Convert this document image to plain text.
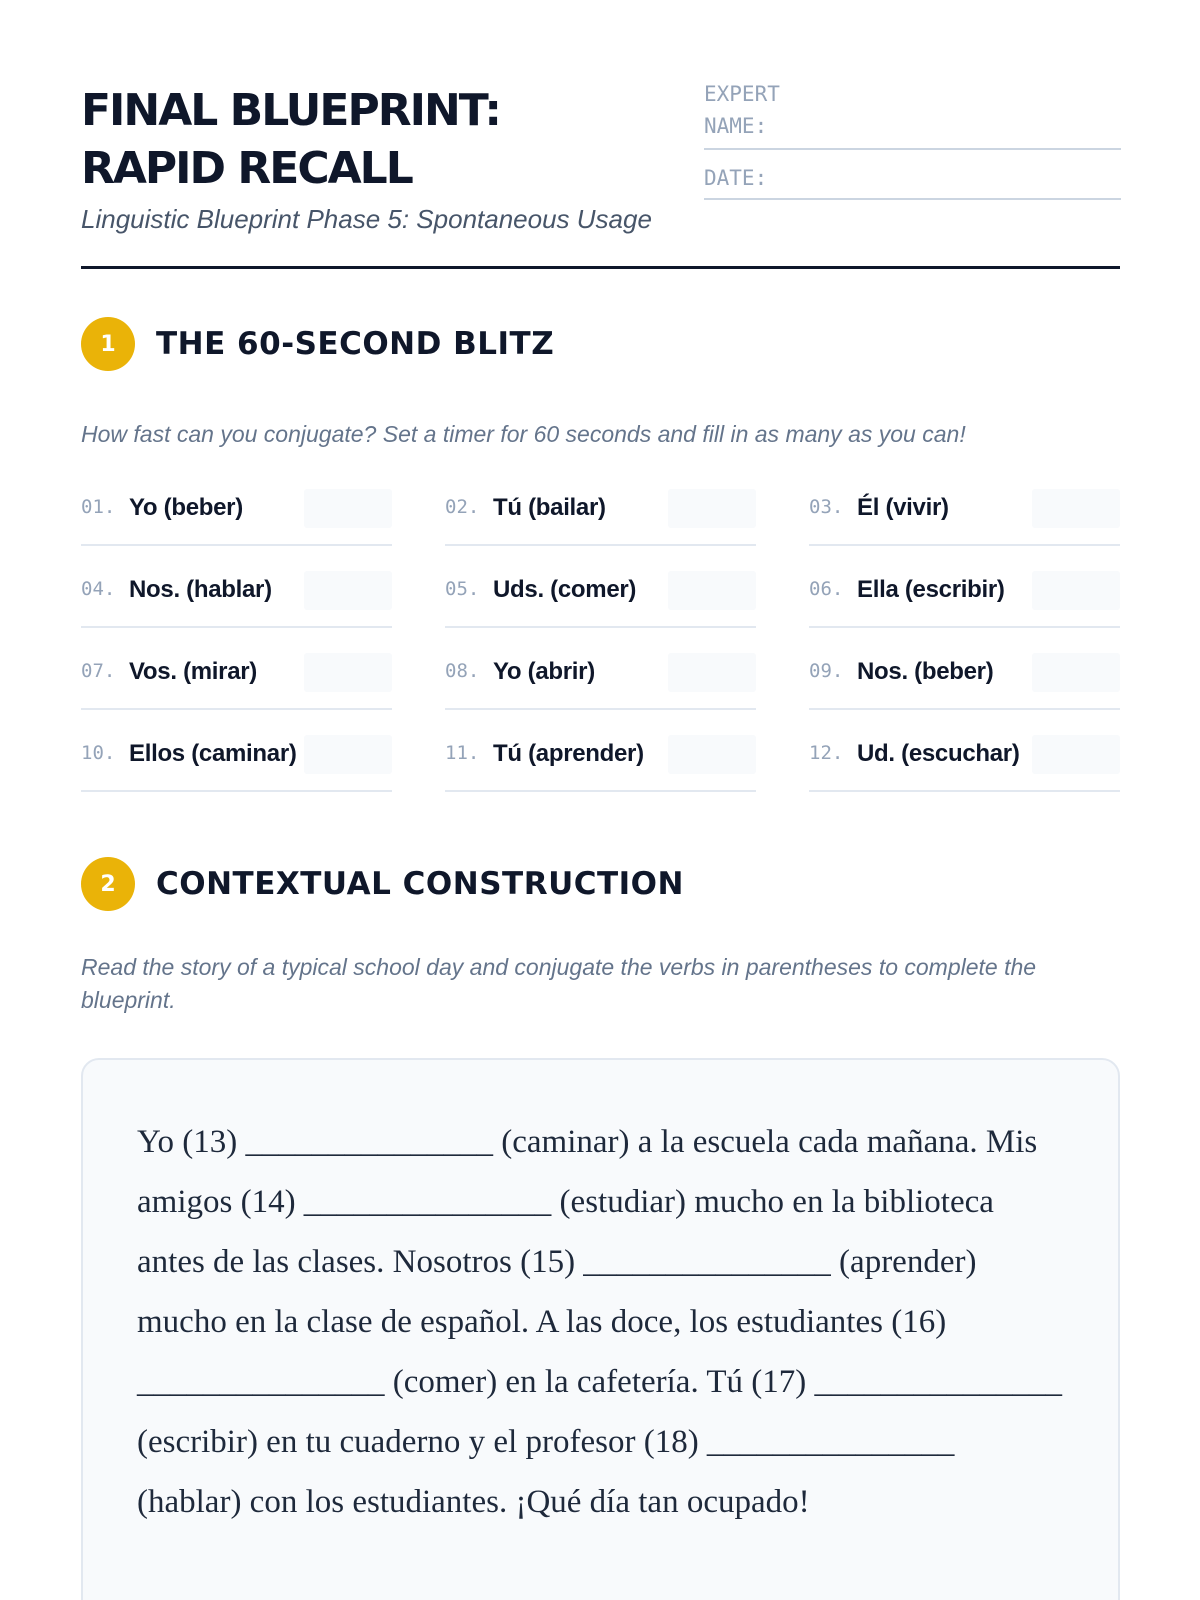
FINAL BLUEPRINT:
RAPID RECALL
Linguistic Blueprint Phase 5: Spontaneous Usage
EXPERT
NAME:
DATE:
1	THE 60-SECOND BLITZ
How fast can you conjugate? Set a timer for 60 seconds and fill in as many as you can!
01. Yo (beber)	02. Tú (bailar)	03. Él (vivir)
04. Nos. (hablar)	05. Uds. (comer)	06. Ella (escribir)
07. Vos. (mirar)	08. Yo (abrir)	09. Nos. (beber)
10. Ellos (caminar)	11. Tú (aprender)	12. Ud. (escuchar)
2	CONTEXTUAL CONSTRUCTION
Read the story of a typical school day and conjugate the verbs in parentheses to complete the blueprint.

Yo (13) _______________ (caminar) a la escuela cada mañana. Mis amigos (14) _______________ (estudiar) mucho en la biblioteca antes de las clases. Nosotros (15) _______________ (aprender) mucho en la clase de español. A las doce, los estudiantes (16) _______________ (comer) en la cafetería. Tú (17) _______________ (escribir) en tu cuaderno y el profesor (18) _______________ (hablar) con los estudiantes. ¡Qué día tan ocupado!
